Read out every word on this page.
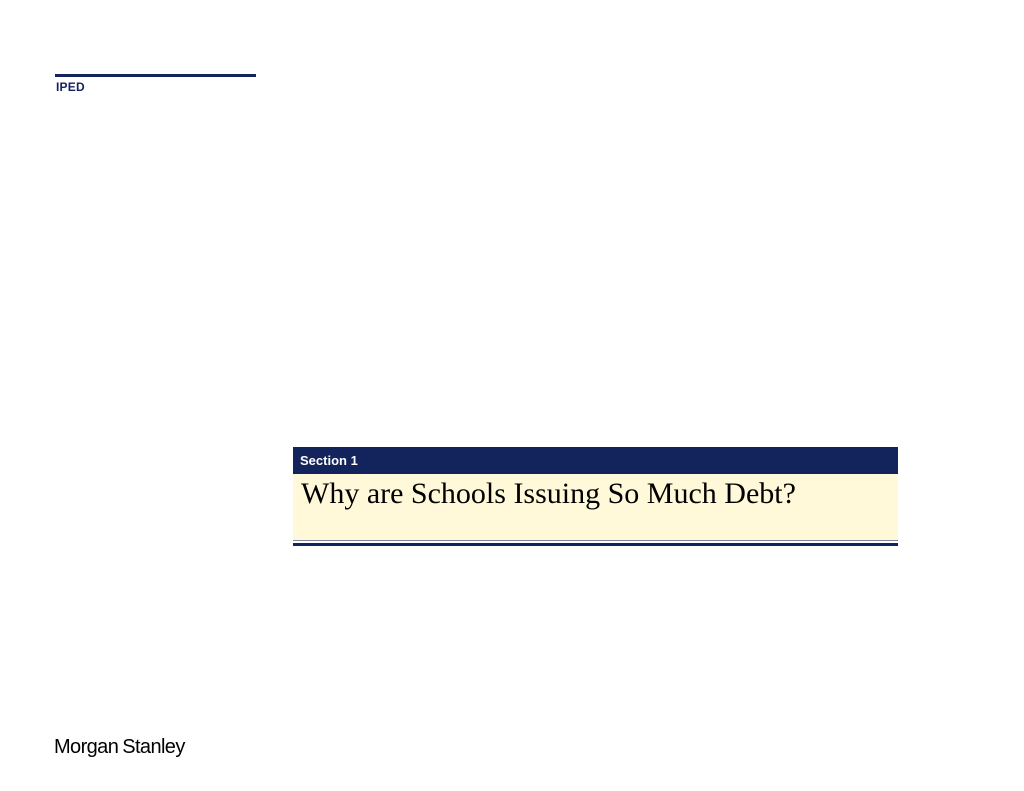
IPED
Section 1
Why are Schools Issuing So Much Debt?
Morgan Stanley
